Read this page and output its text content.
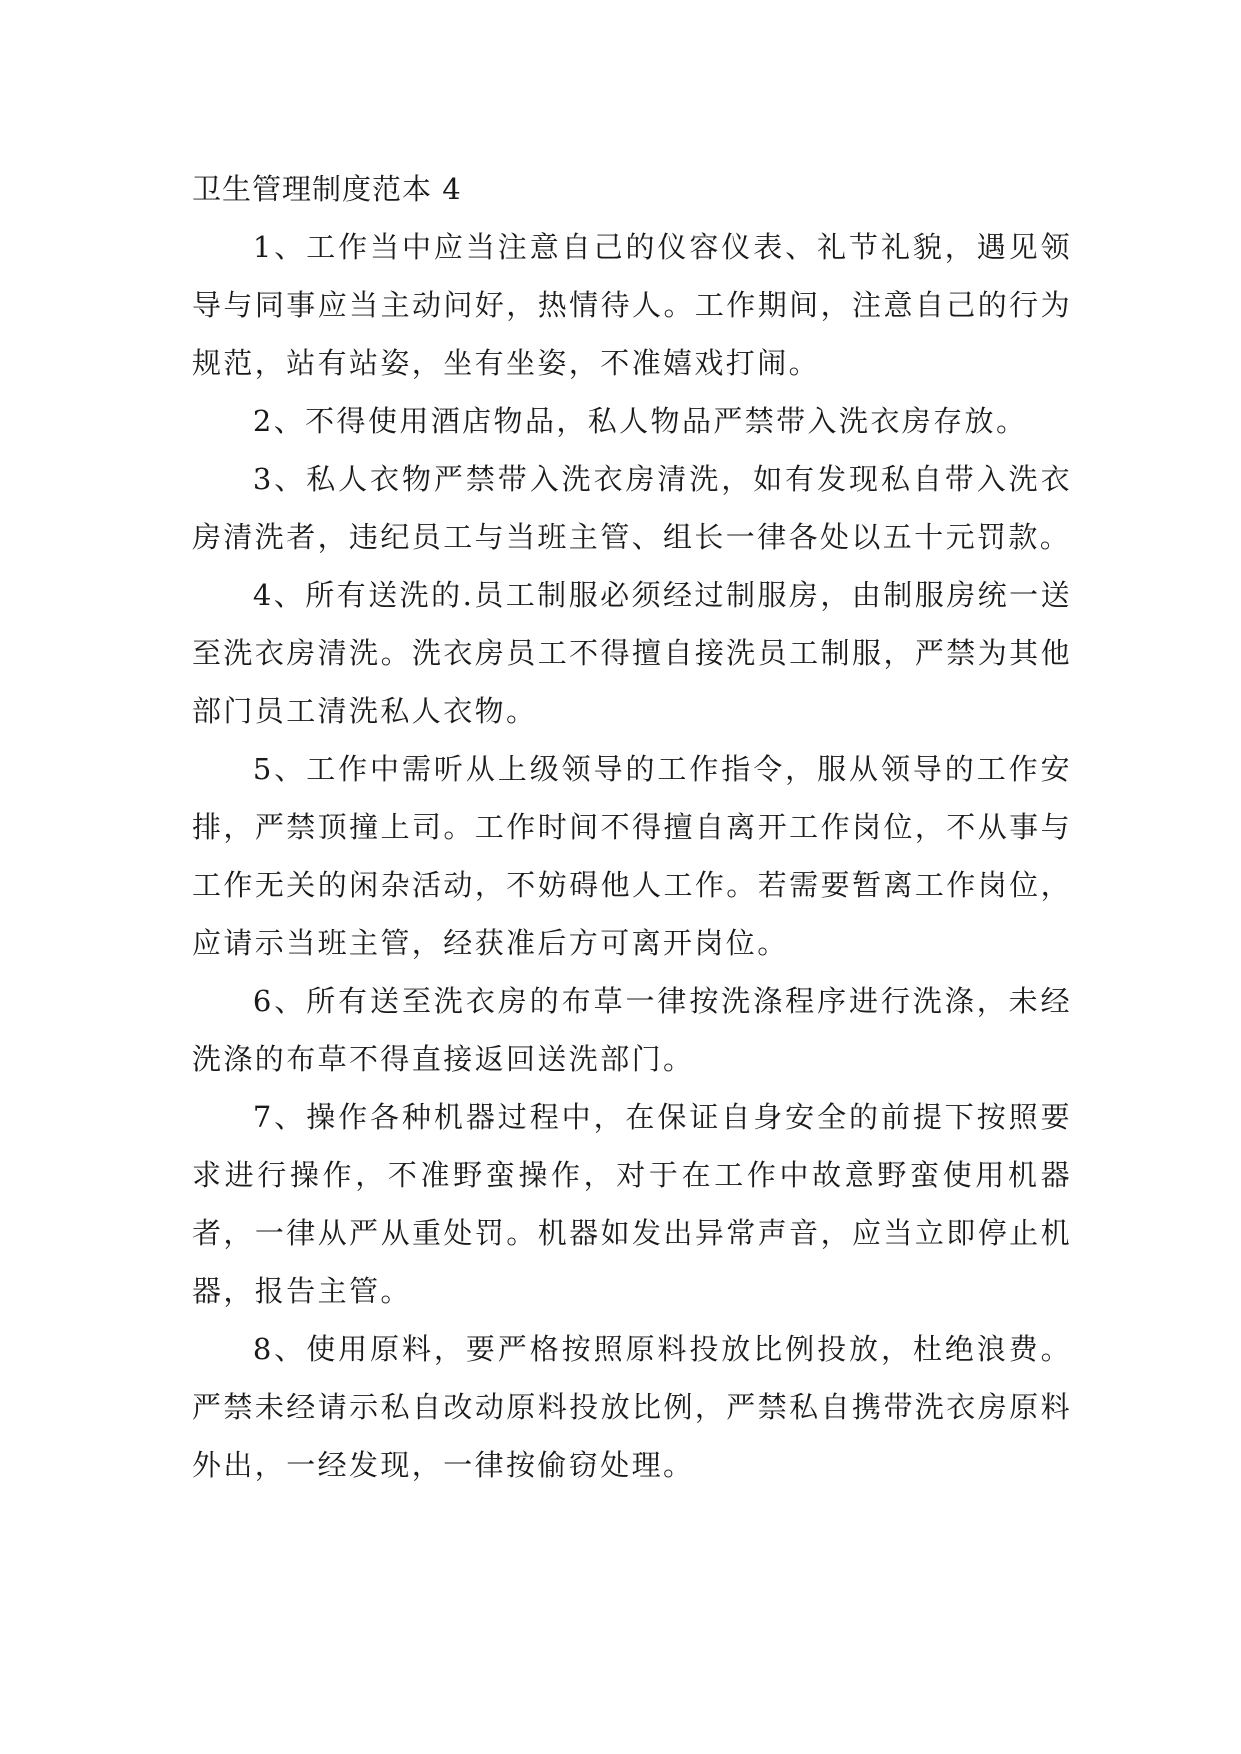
卫生管理制度范本 4

1、工作当中应当注意自己的仪容仪表、礼节礼貌，遇见领导与同事应当主动问好，热情待人。工作期间，注意自己的行为规范，站有站姿，坐有坐姿，不准嬉戏打闹。

2、不得使用酒店物品，私人物品严禁带入洗衣房存放。

3、私人衣物严禁带入洗衣房清洗，如有发现私自带入洗衣房清洗者，违纪员工与当班主管、组长一律各处以五十元罚款。

4、所有送洗的.员工制服必须经过制服房，由制服房统一送至洗衣房清洗。洗衣房员工不得擅自接洗员工制服，严禁为其他部门员工清洗私人衣物。

5、工作中需听从上级领导的工作指令，服从领导的工作安排，严禁顶撞上司。工作时间不得擅自离开工作岗位，不从事与工作无关的闲杂活动，不妨碍他人工作。若需要暂离工作岗位，应请示当班主管，经获准后方可离开岗位。

6、所有送至洗衣房的布草一律按洗涤程序进行洗涤，未经洗涤的布草不得直接返回送洗部门。

7、操作各种机器过程中，在保证自身安全的前提下按照要求进行操作，不准野蛮操作，对于在工作中故意野蛮使用机器者，一律从严从重处罚。机器如发出异常声音，应当立即停止机器，报告主管。

8、使用原料，要严格按照原料投放比例投放，杜绝浪费。严禁未经请示私自改动原料投放比例，严禁私自携带洗衣房原料外出，一经发现，一律按偷窃处理。
